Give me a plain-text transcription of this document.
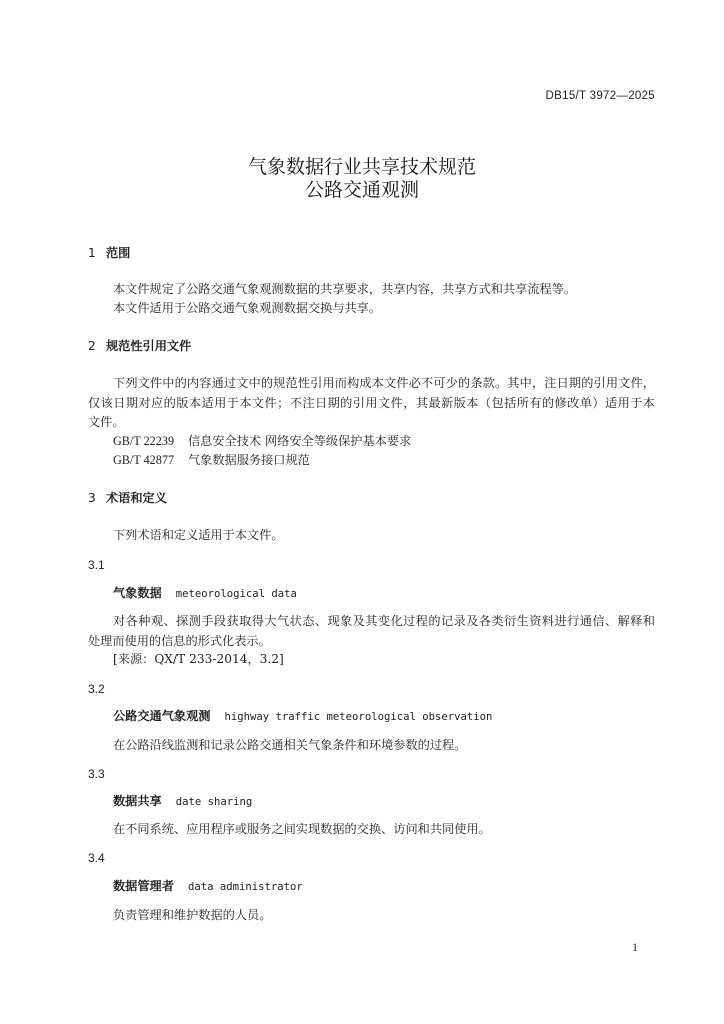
DB15/T 3972—2025
气象数据行业共享技术规范
公路交通观测
1 范围
本文件规定了公路交通气象观测数据的共享要求，共享内容，共享方式和共享流程等。
本文件适用于公路交通气象观测数据交换与共享。
2 规范性引用文件
下列文件中的内容通过文中的规范性引用而构成本文件必不可少的条款。其中，注日期的引用文件，
仅该日期对应的版本适用于本文件；不注日期的引用文件，其最新版本（包括所有的修改单）适用于本
文件。
GB/T 22239 信息安全技术 网络安全等级保护基本要求
GB/T 42877 气象数据服务接口规范
3 术语和定义
下列术语和定义适用于本文件。
3.1
气象数据 meteorological data
对各种观、探测手段获取得大气状态、现象及其变化过程的记录及各类衍生资料进行通信、解释和
处理而使用的信息的形式化表示。
[来源：QX/T 233-2014，3.2]
3.2
公路交通气象观测 highway traffic meteorological observation
在公路沿线监测和记录公路交通相关气象条件和环境参数的过程。
3.3
数据共享 date sharing
在不同系统、应用程序或服务之间实现数据的交换、访问和共同使用。
3.4
数据管理者 data administrator
负责管理和维护数据的人员。
1
